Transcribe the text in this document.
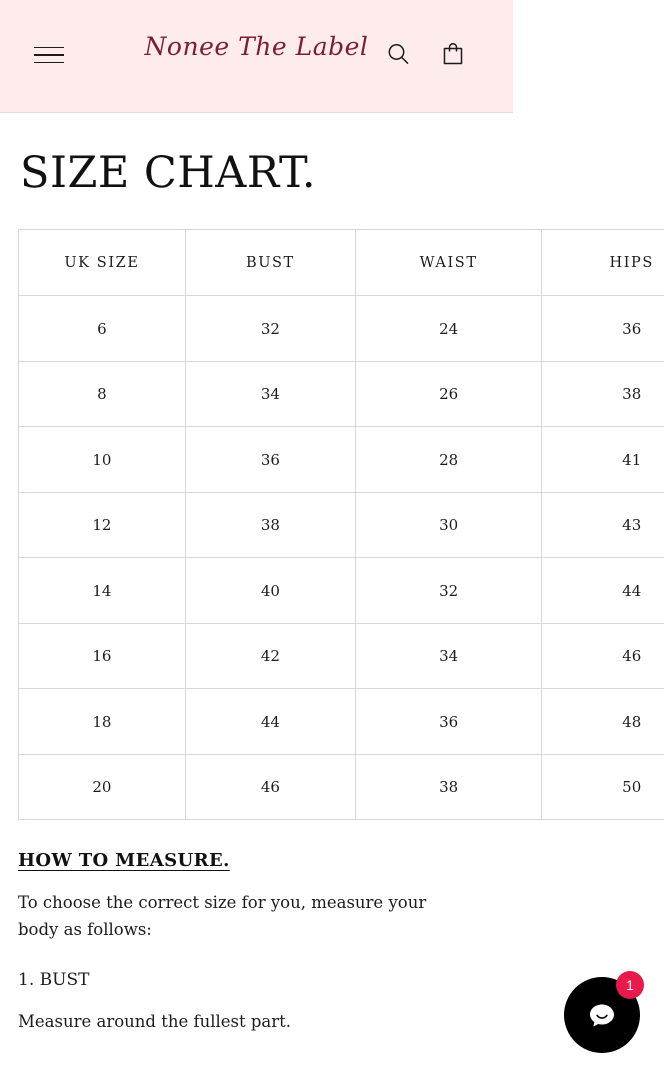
Nonee The Label
SIZE CHART.
UK SIZE	BUST	WAIST	HIPS	
6	32	24	36	
8	34	26	38	
10	36	28	41	
12	38	30	43	
14	40	32	44	
16	42	34	46	
18	44	36	48	
20	46	38	50	
HOW TO MEASURE.

To choose the correct size for you, measure your body as follows:

1. BUST
Measure around the fullest part.
1
